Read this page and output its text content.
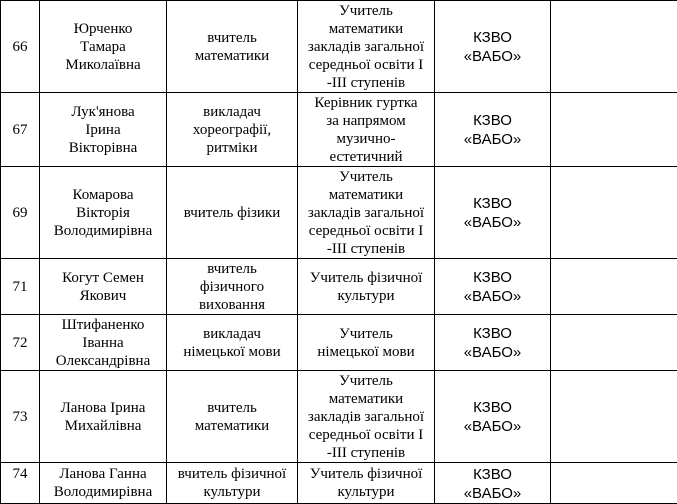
66	Юрченко
Тамара
Миколаївна	вчитель
математики	Учитель
математики
закладів загальної
середньої освіти І
-ІІІ ступенів	КЗВО
«ВАБО»	

67	Лук'янова
Ірина
Вікторівна	викладач
хореографії,
ритміки	Керівник гуртка
за напрямом
музично-
естетичний	КЗВО
«ВАБО»	

69	Комарова
Вікторія
Володимирівна	вчитель фізики	Учитель
математики
закладів загальної
середньої освіти І
-ІІІ ступенів	КЗВО
«ВАБО»	

71	Когут Семен
Якович	вчитель
фізичного
виховання	Учитель фізичної
культури	КЗВО
«ВАБО»	

72	Штифаненко
Іванна
Олександрівна	викладач
німецької мови	Учитель
німецької мови	КЗВО
«ВАБО»	

73	Ланова Ірина
Михайлівна	вчитель
математики	Учитель
математики
закладів загальної
середньої освіти І
-ІІІ ступенів	КЗВО
«ВАБО»	

74	Ланова Ганна
Володимирівна	вчитель фізичної
культури	Учитель фізичної
культури	КЗВО
«ВАБО»	
